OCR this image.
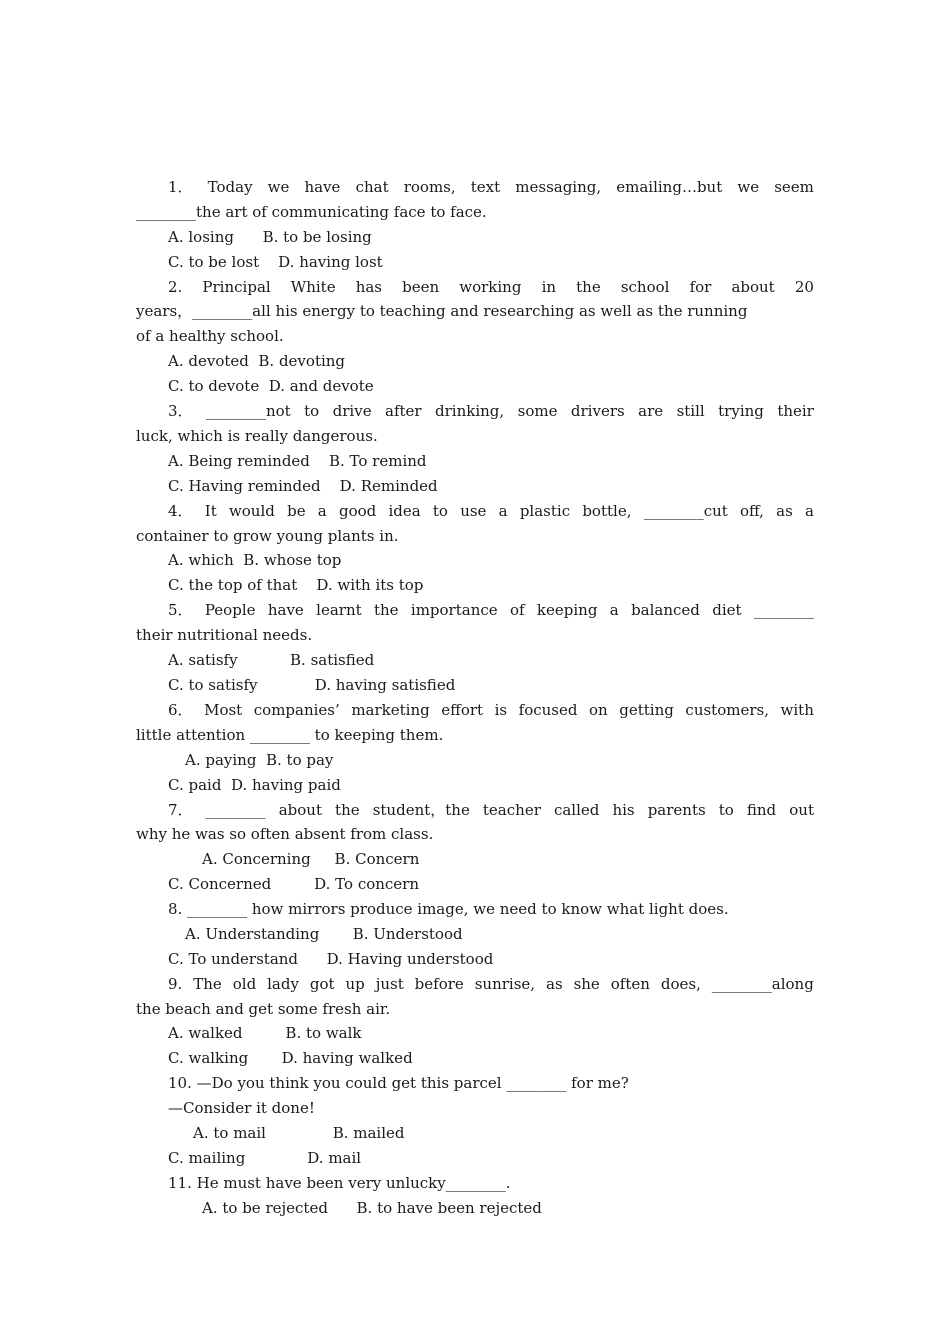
1． Today we have chat rooms, text messaging, emailing…but we seem
________the art of communicating face to face.
A. losing      B. to be losing
C. to be lost    D. having lost
2. Principal White has been working in the school for about 20
years，________all his energy to teaching and researching as well as the running
of a healthy school.
A. devoted  B. devoting
C. to devote  D. and devote
3． ________not to drive after drinking, some drivers are still trying their
luck, which is really dangerous.
A. Being reminded    B. To remind
C. Having reminded    D. Reminded
4． It would be a good idea to use a plastic bottle, ________cut off, as a
container to grow young plants in.
A. which  B. whose top
C. the top of that    D. with its top
5． People have learnt the importance of keeping a balanced diet ________
their nutritional needs.
A. satisfy           B. satisfied
C. to satisfy            D. having satisfied
6． Most companies’ marketing effort is focused on getting customers, with
little attention ________ to keeping them.
A. paying  B. to pay
C. paid  D. having paid
7． ________ about the student，the teacher called his parents to find out
why he was so often absent from class.
A. Concerning     B. Concern
C. Concerned         D. To concern
8. ________ how mirrors produce image, we need to know what light does.
A. Understanding       B. Understood
C. To understand      D. Having understood
9. The old lady got up just before sunrise, as she often does, ________along
the beach and get some fresh air.
A. walked         B. to walk
C. walking       D. having walked
10. —Do you think you could get this parcel ________ for me?
—Consider it done!
A. to mail              B. mailed
C. mailing             D. mail
11. He must have been very unlucky________.
A. to be rejected      B. to have been rejected
